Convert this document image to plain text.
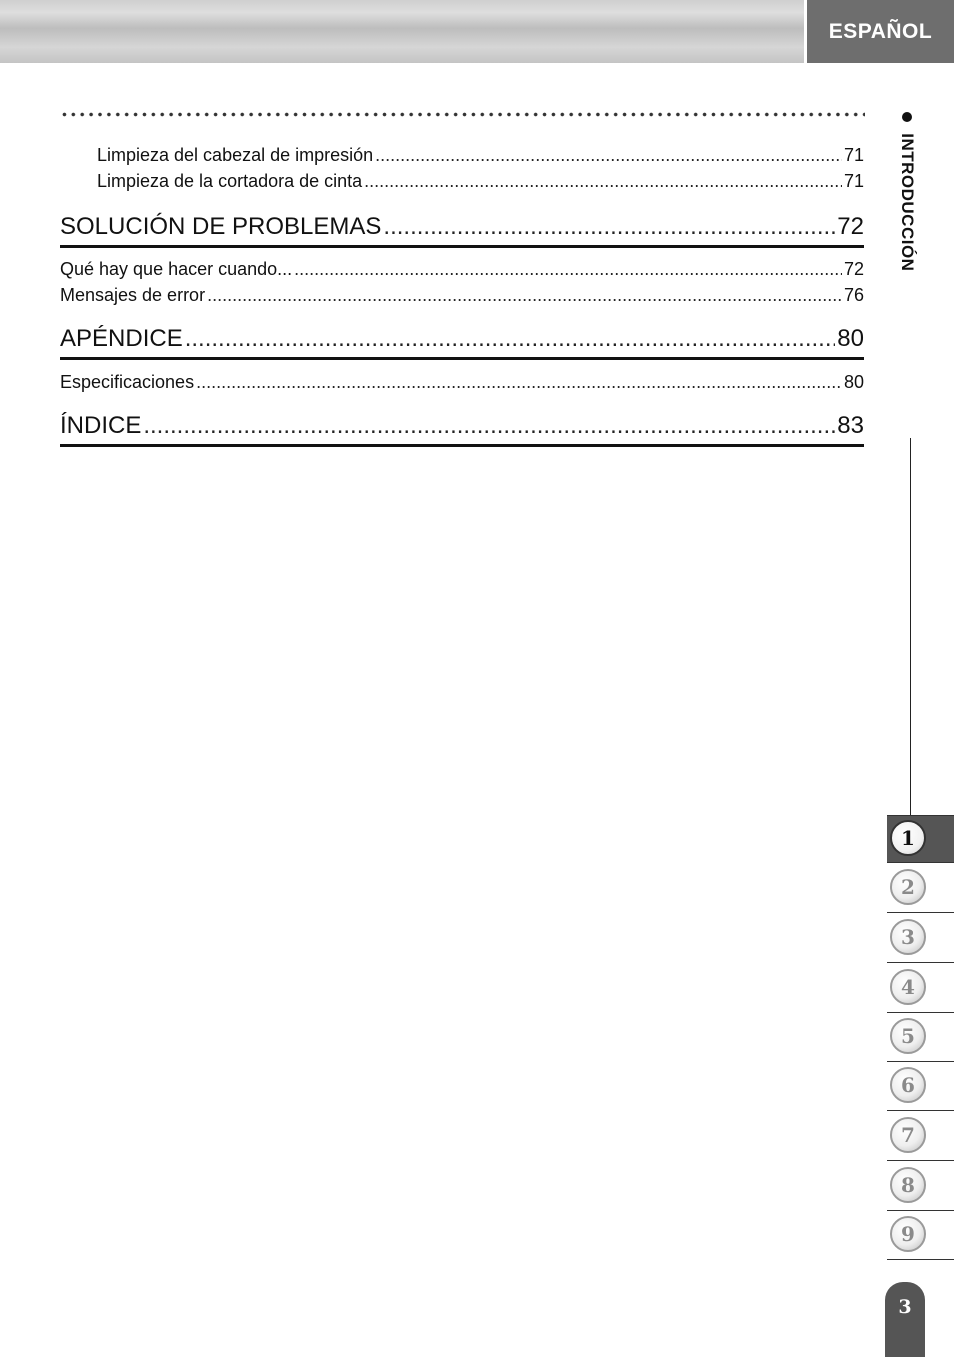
ESPAÑOL
Limpieza del cabezal de impresión .....	71
Limpieza de la cortadora de cinta .....	71
SOLUCIÓN DE PROBLEMAS .....	72
Qué hay que hacer cuando... .....	72
Mensajes de error .....	76
APÉNDICE .....	80
Especificaciones .....	80
ÍNDICE .....	83
INTRODUCCIÓN
1
2
3
4
5
6
7
8
9
3
